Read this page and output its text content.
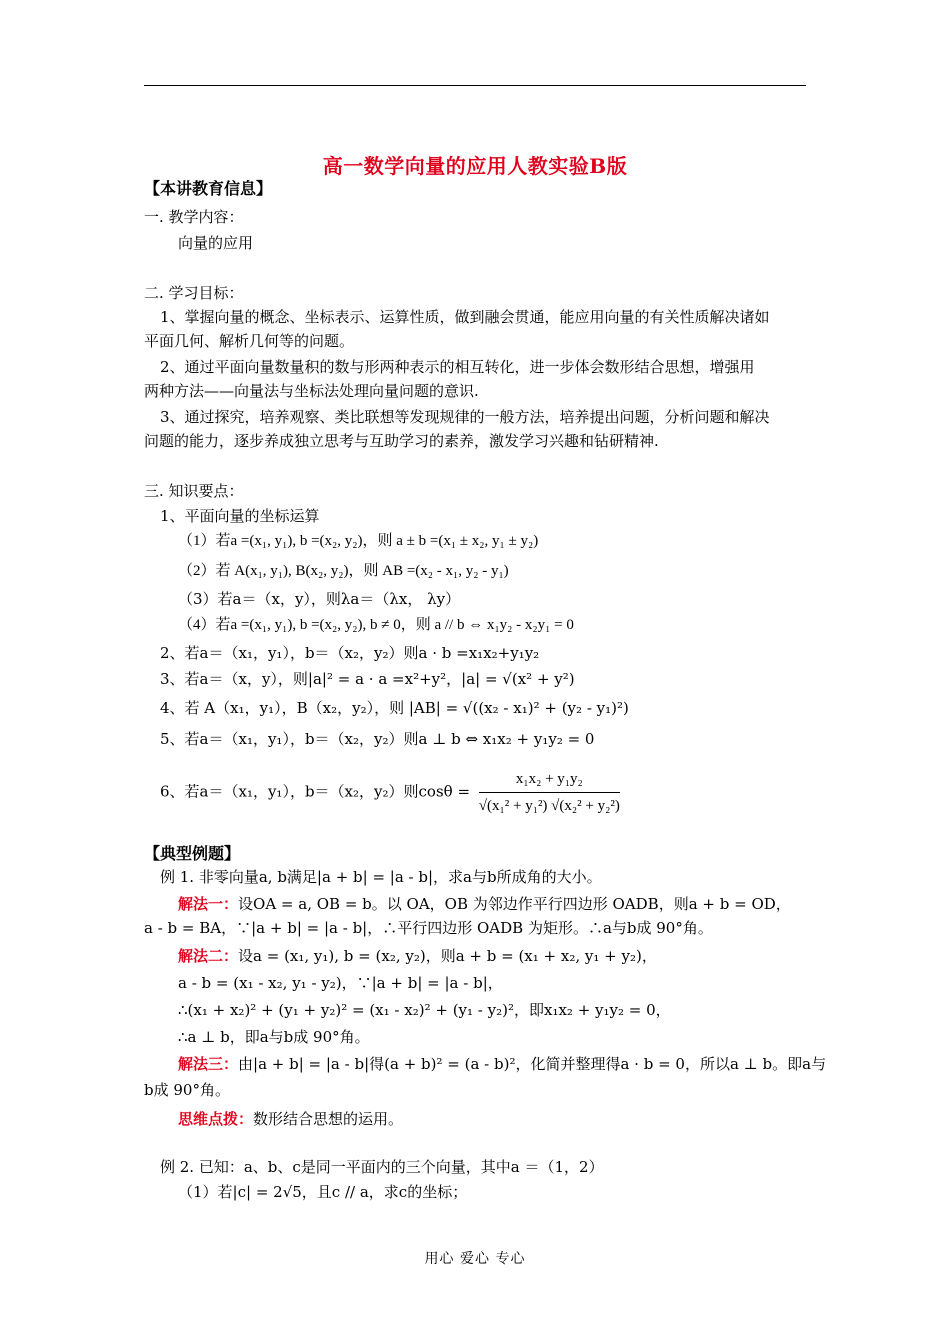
高一数学向量的应用人教实验B版
【本讲教育信息】
一. 教学内容：
向量的应用
二. 学习目标：
1、掌握向量的概念、坐标表示、运算性质，做到融会贯通，能应用向量的有关性质解决诸如
平面几何、解析几何等的问题。
2、通过平面向量数量积的数与形两种表示的相互转化，进一步体会数形结合思想，增强用
两种方法——向量法与坐标法处理向量问题的意识.
3、通过探究，培养观察、类比联想等发现规律的一般方法，培养提出问题，分析问题和解决
问题的能力，逐步养成独立思考与互助学习的素养，激发学习兴趣和钻研精神.
三. 知识要点：
1、平面向量的坐标运算
（1）若a =(x₁, y₁), b =(x₂, y₂)，则 a ± b =(x₁ ± x₂, y₁ ± y₂)
（2）若 A(x₁, y₁), B(x₂, y₂)，则 AB =(x₂ - x₁, y₂ - y₁)
（3）若a＝（x，y），则λa＝（λx， λy）
（4）若a =(x₁, y₁), b =(x₂, y₂), b ≠ 0，则 a // b ⇔ x₁y₂ - x₂y₁ = 0
2、若a＝（x₁，y₁），b＝（x₂，y₂）则a · b =x₁x₂+y₁y₂
3、若a＝（x，y），则|a|² = a · a =x²+y²，|a| = √(x² + y²)
4、若 A（x₁，y₁），B（x₂，y₂），则 |AB| = √((x₂ - x₁)² + (y₂ - y₁)²)
5、若a＝（x₁，y₁），b＝（x₂，y₂）则a ⊥ b ⇔ x₁x₂ + y₁y₂ = 0
6、若a＝（x₁，y₁），b＝（x₂，y₂）则$\cos\theta = \frac{\text{x₁x₂ + y₁y₂}}{\text{√(x₁² + y₁²) √(x₂² + y₂²)}}$
【典型例题】
例 1. 非零向量a, b满足|a + b| = |a - b|，求a与b所成角的大小。
解法一：设OA = a, OB = b。以 OA，OB 为邻边作平行四边形 OADB，则a + b = OD，
a - b = BA，∵|a + b| = |a - b|，∴平行四边形 OADB 为矩形。∴a与b成 90°角。
解法二：设a = (x₁, y₁), b = (x₂, y₂)，则a + b = (x₁ + x₂, y₁ + y₂)，
a - b = (x₁ - x₂, y₁ - y₂)，∵|a + b| = |a - b|，
∴(x₁ + x₂)² + (y₁ + y₂)² = (x₁ - x₂)² + (y₁ - y₂)²，即x₁x₂ + y₁y₂ = 0，
∴a ⊥ b，即a与b成 90°角。
解法三：由|a + b| = |a - b|得(a + b)² = (a - b)²，化简并整理得a · b = 0，所以a ⊥ b。即a与
b成 90°角。
思维点拨：数形结合思想的运用。
例 2. 已知：a、b、c是同一平面内的三个向量，其中a ＝（1，2）
（1）若|c| = 2√5，且c // a，求c的坐标；
用心 爱心 专心
